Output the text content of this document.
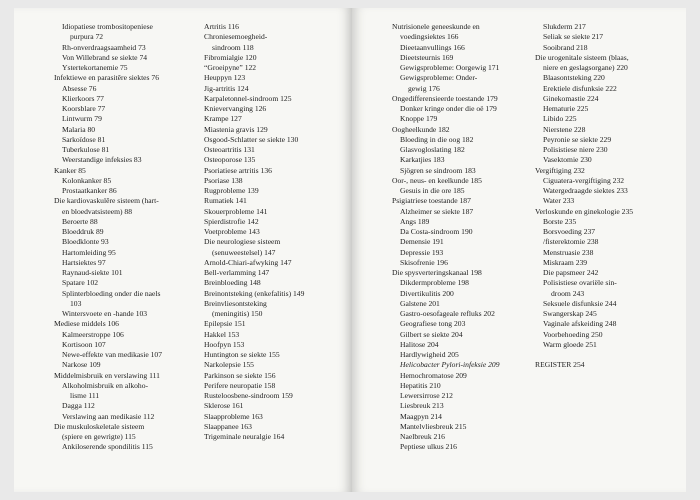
Idiopatiese trombositopeniese
purpura 72
Rh-onverdraagsaamheid 73
Von Willebrand se siekte 74
Ystertekortanemie 75
Infektiewe en parasitêre siektes 76
Absesse 76
Klierkoors 77
Koorsblare 77
Lintwurm 79
Malaria 80
Sarkoïdose 81
Tuberkulose 81
Weerstandige infeksies 83
Kanker 85
Kolonkanker 85
Prostaatkanker 86
Die kardiovaskulêre sisteem (hart-
en bloedvatsisteem) 88
Beroerte 88
Bloeddruk 89
Bloedklonte 93
Hartomleiding 95
Hartsiektes 97
Raynaud-siekte 101
Spatare 102
Splinterbloeding onder die naels
103
Wintersvoete en -hande 103
Mediese middels 106
Kalmeerstroppe 106
Kortisoon 107
Newe-effekte van medikasie 107
Narkose 109
Middelmisbruik en verslawing 111
Alkoholmisbruik en alkoho-
lisme 111
Dagga 112
Verslawing aan medikasie 112
Die muskuloskeletale sisteem
(spiere en gewrigte) 115
Ankiloserende spondilitis 115
Artritis 116
Chroniesemoegheid-
sindroom 118
Fibromialgie 120
“Groeipyne” 122
Heuppyn 123
Jig-artritis 124
Karpaletonnel-sindroom 125
Knievervanging 126
Krampe 127
Miastenia gravis 129
Osgood-Schlatter se siekte 130
Osteoartritis 131
Osteoporose 135
Psoriatiese artritis 136
Psoriase 138
Rugprobleme 139
Rumatiek 141
Skouerprobleme 141
Spierdistrofie 142
Voetprobleme 143
Die neurologiese sisteem
(senuweestelsel) 147
Arnold-Chiari-afwyking 147
Bell-verlamming 147
Breinbloeding 148
Breinontsteking (enkefalitis) 149
Breinvliesontsteking
(meningitis) 150
Epilepsie 151
Hakkel 153
Hoofpyn 153
Huntington se siekte 155
Narkolepsie 155
Parkinson se siekte 156
Perifere neuropatie 158
Rusteloosbene-sindroom 159
Sklerose 161
Slaapprobleme 163
Slaappanee 163
Trigeminale neuralgie 164
Nutrisionele geneeskunde en
voedingsiektes 166
Dieetaanvullings 166
Dieetsteurnis 169
Gewigsprobleme: Oorgewig 171
Gewigsprobleme: Onder-
gewig 176
Ongedifferensieerde toestande 179
Donker kringe onder die oë 179
Knoppe 179
Oogheelkunde 182
Bloeding in die oog 182
Glasvogloslating 182
Karkatjies 183
Sjögren se sindroom 183
Oor-, neus- en keelkunde 185
Gesuis in die ore 185
Psigiatriese toestande 187
Alzheimer se siekte 187
Angs 189
Da Costa-sindroom 190
Demensie 191
Depressie 193
Skisofrenie 196
Die spysverteringskanaal 198
Dikdermprobleme 198
Divertikulitis 200
Galstene 201
Gastro-oesofageale refluks 202
Geografiese tong 203
Gilbert se siekte 204
Halitose 204
Hardlywigheid 205
Helicobacter Pylori-infeksie 209
Hemochromatose 209
Hepatitis 210
Lewersirrose 212
Liesbreuk 213
Maagpyn 214
Mantelvliesbreuk 215
Naelbreuk 216
Peptiese ulkus 216
Slukderm 217
Seliak se siekte 217
Sooibrand 218
Die urogenitale sisteem (blaas,
niere en geslagsorgane) 220
Blaasontsteking 220
Erektiele disfunksie 222
Ginekomastie 224
Hematurie 225
Libido 225
Nierstene 228
Peyronie se siekte 229
Polisistiese niere 230
Vasektomie 230
Vergiftiging 232
Ciguatera-vergiftiging 232
Watergedraagde siektes 233
Water 233
Verloskunde en ginekologie 235
Borste 235
Borsvoeding 237
/fisterektomie 238
Menstruasie 238
Miskraam 239
Die papsmeer 242
Polisistiese ovariële sin-
droom 243
Seksuele disfunksie 244
Swangerskap 245
Vaginale afskeiding 248
Voorbehoeding 250
Warm gloede 251
REGISTER 254
